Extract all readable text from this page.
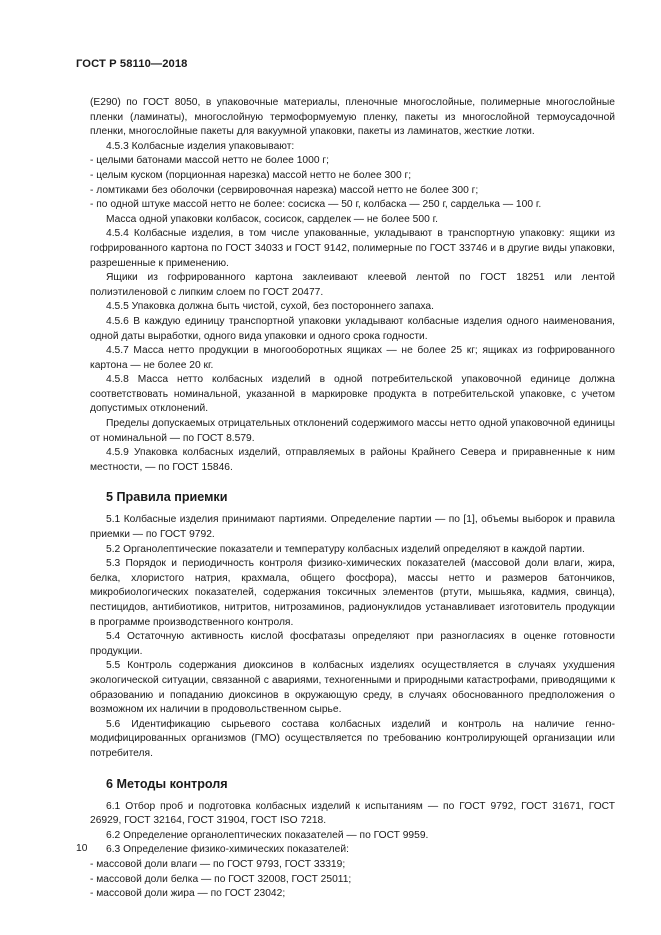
ГОСТ Р 58110—2018

(E290) по ГОСТ 8050, в упаковочные материалы, пленочные многослойные, полимерные многослойные пленки (ламинаты), многослойную термоформуемую пленку, пакеты из многослойной термоусадочной пленки, многослойные пакеты для вакуумной упаковки, пакеты из ламинатов, жесткие лотки.

4.5.3 Колбасные изделия упаковывают:

- целыми батонами массой нетто не более 1000 г;

- целым куском (порционная нарезка) массой нетто не более 300 г;

- ломтиками без оболочки (сервировочная нарезка) массой нетто не более 300 г;

- по одной штуке массой нетто не более: сосиска — 50 г, колбаска — 250 г, сарделька — 100 г.

Масса одной упаковки колбасок, сосисок, сарделек — не более 500 г.

4.5.4 Колбасные изделия, в том числе упакованные, укладывают в транспортную упаковку: ящики из гофрированного картона по ГОСТ 34033 и ГОСТ 9142, полимерные по ГОСТ 33746 и в другие виды упаковки, разрешенные к применению.

Ящики из гофрированного картона заклеивают клеевой лентой по ГОСТ 18251 или лентой полиэтиленовой с липким слоем по ГОСТ 20477.

4.5.5 Упаковка должна быть чистой, сухой, без постороннего запаха.

4.5.6 В каждую единицу транспортной упаковки укладывают колбасные изделия одного наименования, одной даты выработки, одного вида упаковки и одного срока годности.

4.5.7 Масса нетто продукции в многооборотных ящиках — не более 25 кг; ящиках из гофрированного картона — не более 20 кг.

4.5.8 Масса нетто колбасных изделий в одной потребительской упаковочной единице должна соответствовать номинальной, указанной в маркировке продукта в потребительской упаковке, с учетом допустимых отклонений.

Пределы допускаемых отрицательных отклонений содержимого массы нетто одной упаковочной единицы от номинальной — по ГОСТ 8.579.

4.5.9 Упаковка колбасных изделий, отправляемых в районы Крайнего Севера и приравненные к ним местности, — по ГОСТ 15846.

5 Правила приемки

5.1 Колбасные изделия принимают партиями. Определение партии — по [1], объемы выборок и правила приемки — по ГОСТ 9792.

5.2 Органолептические показатели и температуру колбасных изделий определяют в каждой партии.

5.3 Порядок и периодичность контроля физико-химических показателей (массовой доли влаги, жира, белка, хлористого натрия, крахмала, общего фосфора), массы нетто и размеров батончиков, микробиологических показателей, содержания токсичных элементов (ртути, мышьяка, кадмия, свинца), пестицидов, антибиотиков, нитритов, нитрозаминов, радионуклидов устанавливает изготовитель продукции в программе производственного контроля.

5.4 Остаточную активность кислой фосфатазы определяют при разногласиях в оценке готовности продукции.

5.5 Контроль содержания диоксинов в колбасных изделиях осуществляется в случаях ухудшения экологической ситуации, связанной с авариями, техногенными и природными катастрофами, приводящими к образованию и попаданию диоксинов в окружающую среду, в случаях обоснованного предположения о возможном их наличии в продовольственном сырье.

5.6 Идентификацию сырьевого состава колбасных изделий и контроль на наличие генно-модифицированных организмов (ГМО) осуществляется по требованию контролирующей организации или потребителя.

6 Методы контроля

6.1 Отбор проб и подготовка колбасных изделий к испытаниям — по ГОСТ 9792, ГОСТ 31671, ГОСТ 26929, ГОСТ 32164, ГОСТ 31904, ГОСТ ISO 7218.

6.2 Определение органолептических показателей — по ГОСТ 9959.

6.3 Определение физико-химических показателей:

- массовой доли влаги — по ГОСТ 9793, ГОСТ 33319;

- массовой доли белка — по ГОСТ 32008, ГОСТ 25011;

- массовой доли жира — по ГОСТ 23042;

10
